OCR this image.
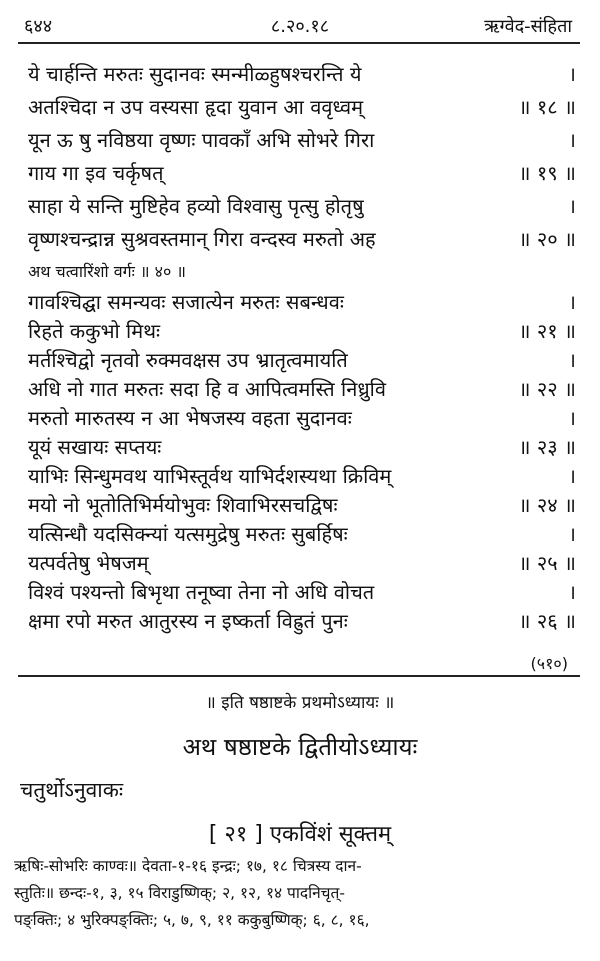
६४४	८.२०.१८	ऋग्वेद-संहिता
ये चार्हन्ति मरुतः सुदानवः स्मन्मीळ्हुषश्चरन्ति ये	।
अतश्चिदा न उप वस्यसा हृदा युवान आ ववृध्वम्	॥ १८ ॥
यून ऊ षु नविष्ठया वृष्णः पावकाँ अभि सोभरे गिरा	।
गाय गा इव चर्कृषत्	॥ १९ ॥
साहा ये सन्ति मुष्टिहेव हव्यो विश्वासु पृत्सु होतृषु	।
वृष्णश्चन्द्रान्न सुश्रवस्तमान् गिरा वन्दस्व मरुतो अह	॥ २० ॥
अथ चत्वारिंशो वर्गः ॥ ४० ॥
गावश्चिद्घा समन्यवः सजात्येन मरुतः सबन्धवः	।
रिहते ककुभो मिथः	॥ २१ ॥
मर्तश्चिद्वो नृतवो रुक्मवक्षस उप भ्रातृत्वमायति	।
अधि नो गात मरुतः सदा हि व आपित्वमस्ति निध्रुवि	॥ २२ ॥
मरुतो मारुतस्य न आ भेषजस्य वहता सुदानवः	।
यूयं सखायः सप्तयः	॥ २३ ॥
याभिः सिन्धुमवथ याभिस्तूर्वथ याभिर्दशस्यथा क्रिविम्	।
मयो नो भूतोतिभिर्मयोभुवः शिवाभिरसचद्विषः	॥ २४ ॥
यत्सिन्धौ यदसिक्न्यां यत्समुद्रेषु मरुतः सुबर्हिषः	।
यत्पर्वतेषु भेषजम्	॥ २५ ॥
विश्वं पश्यन्तो बिभृथा तनूष्वा तेना नो अधि वोचत	।
क्षमा रपो मरुत आतुरस्य न इष्कर्ता विह्रुतं पुनः	॥ २६ ॥
(५१०)
॥ इति षष्ठाष्टके प्रथमोऽध्यायः ॥
अथ षष्ठाष्टके द्वितीयोऽध्यायः
चतुर्थोऽनुवाकः
[ २१ ] एकविंशं सूक्तम्
ऋषिः-सोभरिः काण्वः॥ देवता-१-१६ इन्द्रः; १७, १८ चित्रस्य दान-
स्तुतिः॥ छन्दः-१, ३, १५ विराडुष्णिक्; २, १२, १४ पादनिचृत्-
पङ्क्तिः; ४ भुरिक्पङ्क्तिः; ५, ७, ९, ११ ककुबुष्णिक्; ६, ८, १६,
